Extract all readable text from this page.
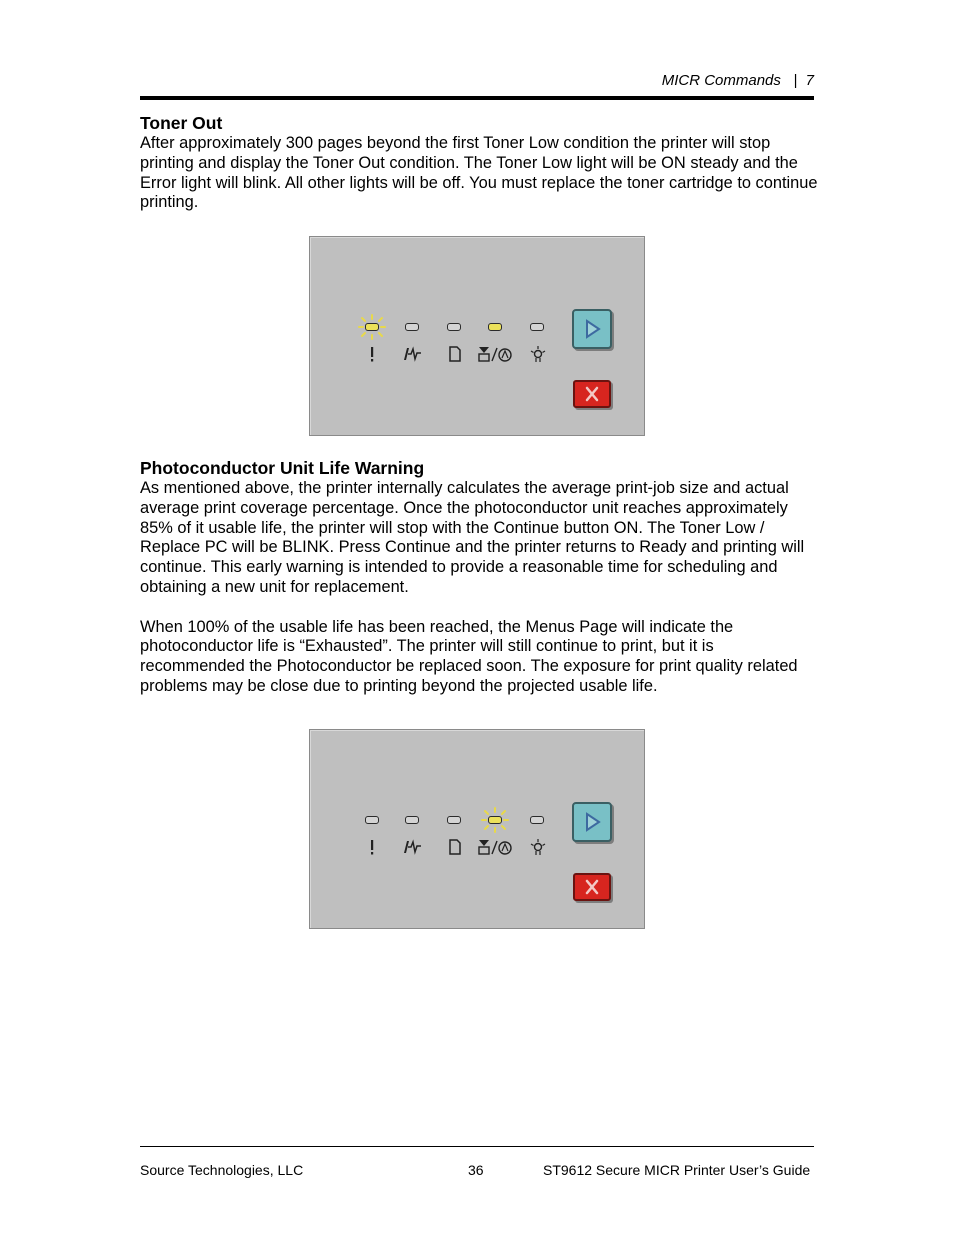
MICR Commands | 7
Toner Out

After approximately 300 pages beyond the first Toner Low condition the printer will stop printing and display the Toner Out condition. The Toner Low light will be ON steady and the Error light will blink. All other lights will be off. You must replace the toner cartridge to continue printing.

Photoconductor Unit Life Warning

As mentioned above, the printer internally calculates the average print-job size and actual average print coverage percentage. Once the photoconductor unit reaches approximately 85% of it usable life, the printer will stop with the Continue button ON. The Toner Low / Replace PC will be BLINK. Press Continue and the printer returns to Ready and printing will continue. This early warning is intended to provide a reasonable time for scheduling and obtaining a new unit for replacement.

When 100% of the usable life has been reached, the Menus Page will indicate the photoconductor life is “Exhausted”. The printer will still continue to print, but it is recommended the Photoconductor be replaced soon. The exposure for print quality related problems may be close due to printing beyond the projected usable life.

Source Technologies, LLC	36	ST9612 Secure MICR Printer User’s Guide
